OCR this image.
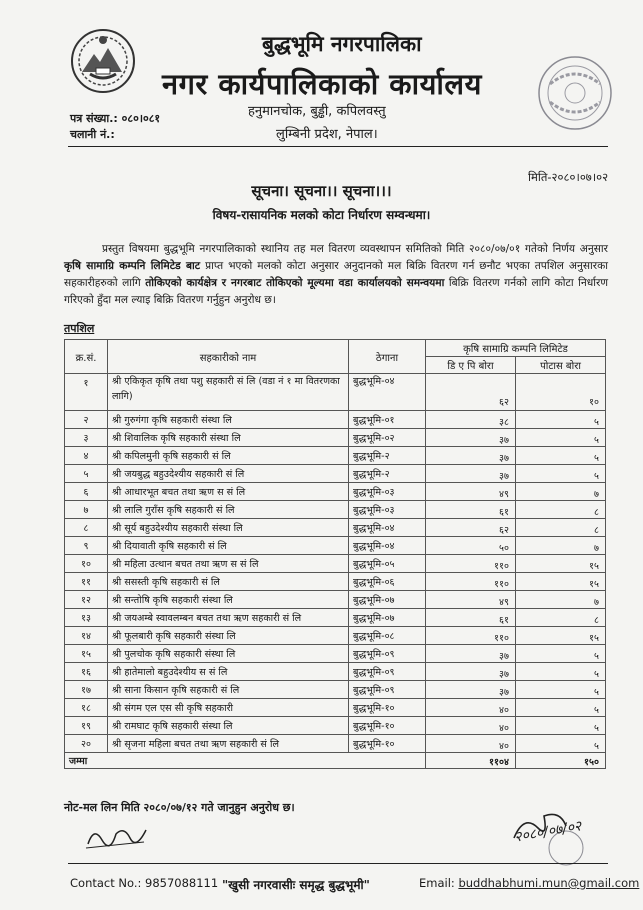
बुद्धभूमि नगरपालिका
नगर कार्यपालिकाको कार्यालय
हनुमानचोक, बुड्ढी, कपिलवस्तु
लुम्बिनी प्रदेश, नेपाल।
पत्र संख्या.: ०८०।०८१
चलानी नं.:
मिति-२०८०।०७।०२
सूचना। सूचना।। सूचना।।।
विषय-रासायनिक मलको कोटा निर्धारण सम्वन्धमा।
प्रस्तुत विषयमा बुद्धभूमि नगरपालिकाको स्थानिय तह मल वितरण व्यवस्थापन समितिको मिति २०८०/०७/०१ गतेको निर्णय अनुसार कृषि सामाग्रि कम्पनि लिमिटेड बाट प्राप्त भएको मलको कोटा अनुसार अनुदानको मल बिक्रि वितरण गर्न छनौट भएका तपशिल अनुसारका सहकारीहरुको लागि तोकिएको कार्यक्षेत्र र नगरबाट तोकिएको मूल्यमा वडा कार्यालयको समन्वयमा बिक्रि वितरण गर्नको लागि कोटा निर्धारण गरिएको हुँदा मल ल्याइ बिक्रि वितरण गर्नुहुन अनुरोध छ।
तपशिल
क्र.सं.	सहकारीको नाम	ठेगाना	कृषि सामाग्रि कम्पनि लिमिटेड	
			डि ए पि बोरा	पोटास बोरा
१	श्री एकिकृत कृषि तथा पशु सहकारी सं लि (वडा नं १ मा वितरणका लागि)	बुद्धभूमि-०४	६२	१०
२	श्री गुरुगंगा कृषि सहकारी संस्था लि	बुद्धभूमि-०१	३८	५
३	श्री शिवालिक कृषि सहकारी संस्था लि	बुद्धभूमि-०२	३७	५
४	श्री कपिलमुनी कृषि सहकारी सं लि	बुद्धभूमि-२	३७	५
५	श्री जयबुद्ध बहुउदेश्यीय सहकारी सं लि	बुद्धभूमि-२	३७	५
६	श्री आधारभूत बचत तथा ऋण स सं लि	बुद्धभूमि-०३	४९	७
७	श्री लालि गुराँस कृषि सहकारी सं लि	बुद्धभूमि-०३	६१	८
८	श्री सूर्य बहुउदेश्यीय सहकारी संस्था लि	बुद्धभूमि-०४	६२	८
९	श्री दियावाती कृषि सहकारी सं लि	बुद्धभूमि-०४	५०	७
१०	श्री महिला उत्थान बचत तथा ऋण स सं लि	बुद्धभूमि-०५	११०	१५
११	श्री ससस्ती कृषि सहकारी सं लि	बुद्धभूमि-०६	११०	१५
१२	श्री सन्तोषि कृषि सहकारी संस्था लि	बुद्धभूमि-०७	४९	७
१३	श्री जयअम्बे स्वावलम्बन बचत तथा ऋण सहकारी सं लि	बुद्धभूमि-०७	६१	८
१४	श्री फूलबारी कृषि सहकारी संस्था लि	बुद्धभूमि-०८	११०	१५
१५	श्री पुलचोक कृषि सहकारी संस्था लि	बुद्धभूमि-०९	३७	५
१६	श्री हातेमालो बहुउदेश्यीय स सं लि	बुद्धभूमि-०९	३७	५
१७	श्री साना किसान कृषि सहकारी सं लि	बुद्धभूमि-०९	३७	५
१८	श्री संगम एल एस सी कृषि सहकारी	बुद्धभूमि-१०	४०	५
१९	श्री रामघाट कृषि सहकारी संस्था लि	बुद्धभूमि-१०	४०	५
२०	श्री सृजना महिला बचत तथा ऋण सहकारी सं लि	बुद्धभूमि-१०	४०	५
जम्मा			११०४	१५०
नोट-मल लिन मिति २०८०/०७/१२ गते जानुहुन अनुरोध छ।
२०८०/०७/०२
Contact No.: 9857088111 "खुसी नगरवासीः समृद्ध बुद्धभूमी"	Email: buddhabhumi.mun@gmail.com
